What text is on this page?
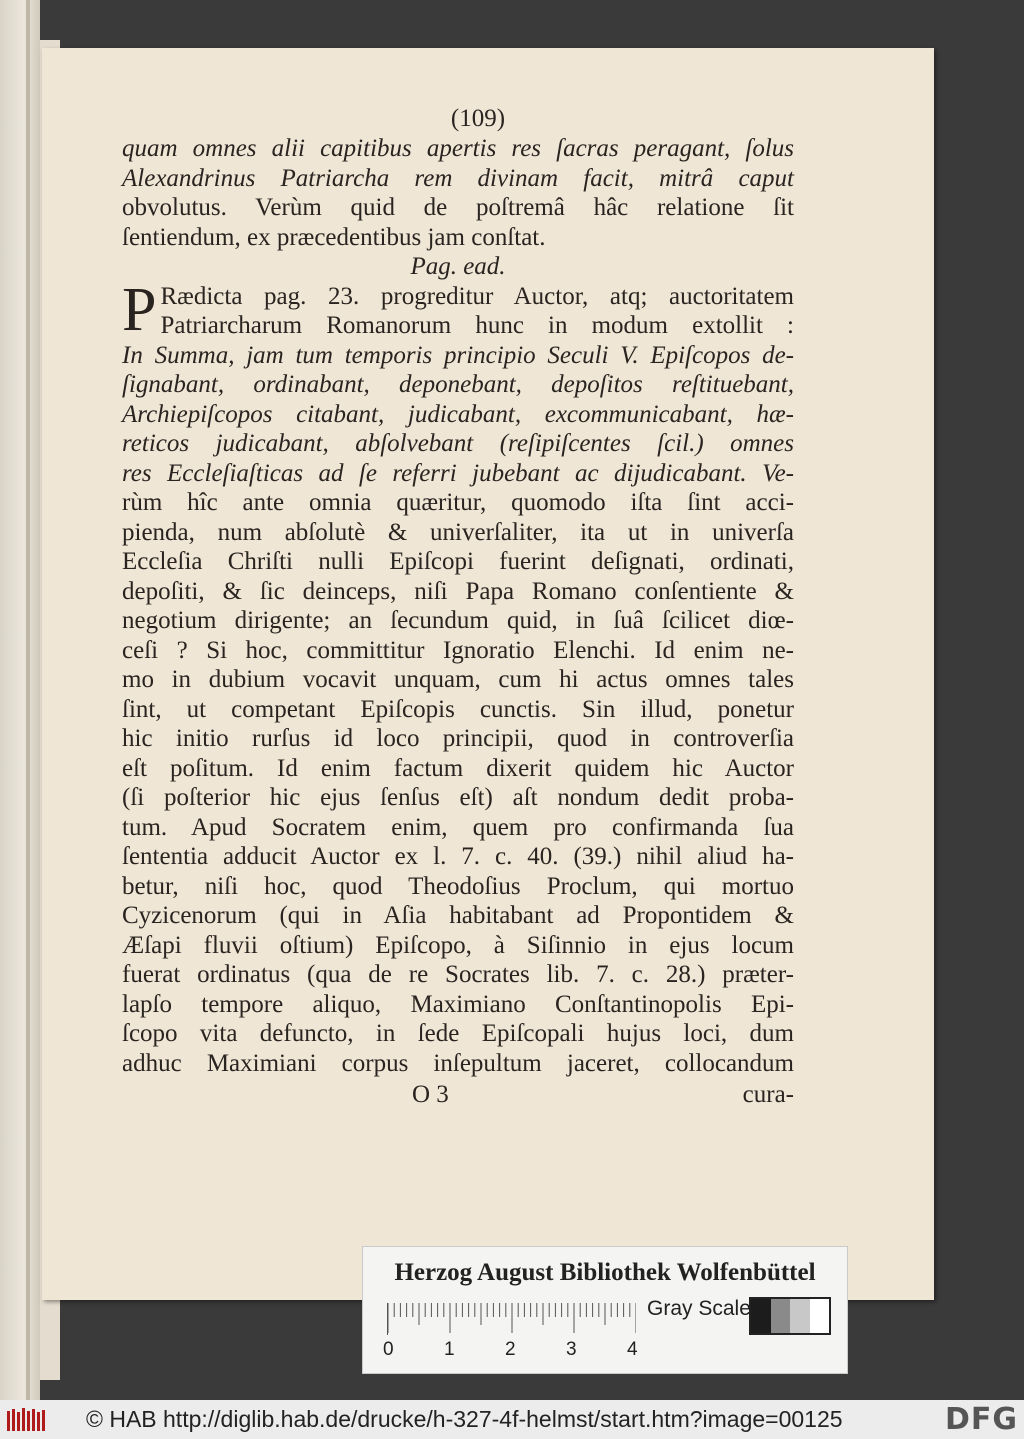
(109)
quam omnes alii capitibus apertis res ſacras peragant, ſolus
Alexandrinus Patriarcha rem divinam facit, mitrâ caput
obvolutus. Verùm quid de poſtremâ hâc relatione ſit
ſentiendum, ex præcedentibus jam conſtat.
Pag. ead.
P Rædicta pag. 23. progreditur Auctor, atq; auctoritatem
Patriarcharum Romanorum hunc in modum extollit :
In Summa, jam tum temporis principio Seculi V. Epiſcopos de-
ſignabant, ordinabant, deponebant, depoſitos reſtituebant,
Archiepiſcopos citabant, judicabant, excommunicabant, hæ-
reticos judicabant, abſolvebant (reſipiſcentes ſcil.) omnes
res Eccleſiaſticas ad ſe referri jubebant ac dijudicabant. Ve-
rùm hîc ante omnia quæritur, quomodo iſta ſint acci-
pienda, num abſolutè & univerſaliter, ita ut in univerſa
Eccleſia Chriſti nulli Epiſcopi fuerint deſignati, ordinati,
depoſiti, & ſic deinceps, niſi Papa Romano conſentiente &
negotium dirigente; an ſecundum quid, in ſuâ ſcilicet diœ-
ceſi ? Si hoc, committitur Ignoratio Elenchi. Id enim ne-
mo in dubium vocavit unquam, cum hi actus omnes tales
ſint, ut competant Epiſcopis cunctis. Sin illud, ponetur
hic initio rurſus id loco principii, quod in controverſia
eſt poſitum. Id enim factum dixerit quidem hic Auctor
(ſi poſterior hic ejus ſenſus eſt) aſt nondum dedit proba-
tum. Apud Socratem enim, quem pro confirmanda ſua
ſententia adducit Auctor ex l. 7. c. 40. (39.) nihil aliud ha-
betur, niſi hoc, quod Theodoſius Proclum, qui mortuo
Cyzicenorum (qui in Aſia habitabant ad Propontidem &
Æſapi fluvii oſtium) Epiſcopo, à Siſinnio in ejus locum
fuerat ordinatus (qua de re Socrates lib. 7. c. 28.) præter-
lapſo tempore aliquo, Maximiano Conſtantinopolis Epi-
ſcopo vita defuncto, in ſede Epiſcopali hujus loci, dum
adhuc Maximiani corpus inſepultum jaceret, collocandum
O 3	cura-
Herzog August Bibliothek Wolfenbüttel
0	1	2	3	4
Gray Scale
© HAB http://diglib.hab.de/drucke/h-327-4f-helmst/start.htm?image=00125	DFG
